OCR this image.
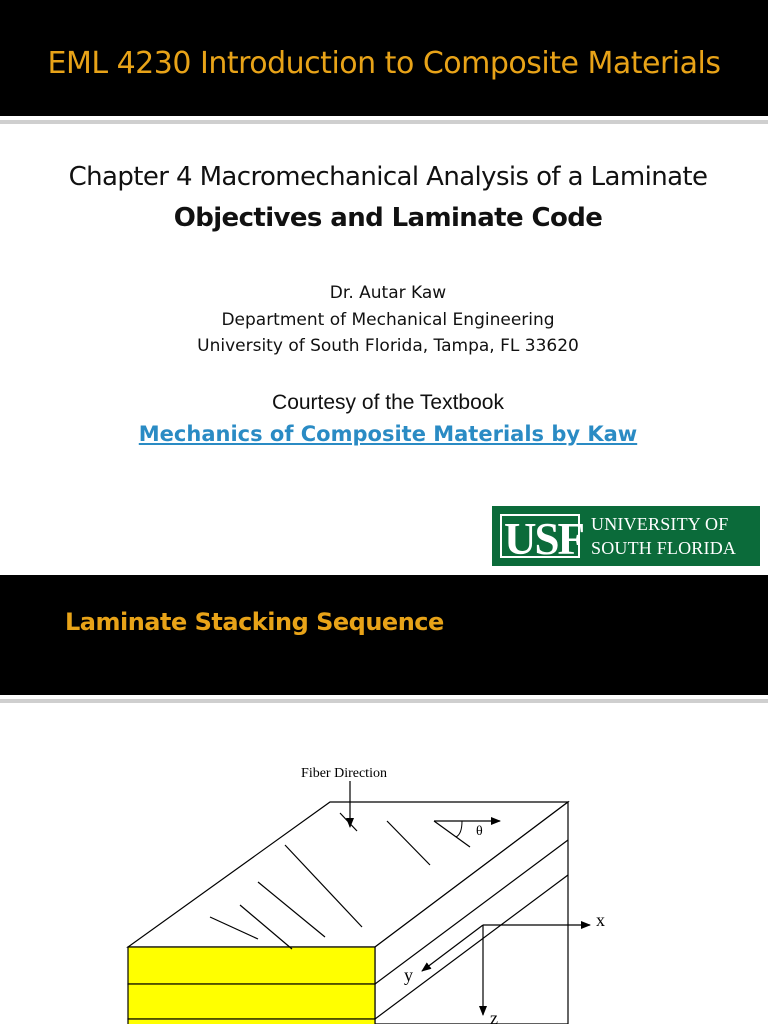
EML 4230 Introduction to Composite Materials
Chapter 4 Macromechanical Analysis of a Laminate
Objectives and Laminate Code
Dr. Autar Kaw
Department of Mechanical Engineering
University of South Florida, Tampa, FL 33620
Courtesy of the Textbook
Mechanics of Composite Materials by Kaw
USF UNIVERSITY OF
SOUTH FLORIDA
Laminate Stacking Sequence
Fiber Direction
θ
x
y
z
